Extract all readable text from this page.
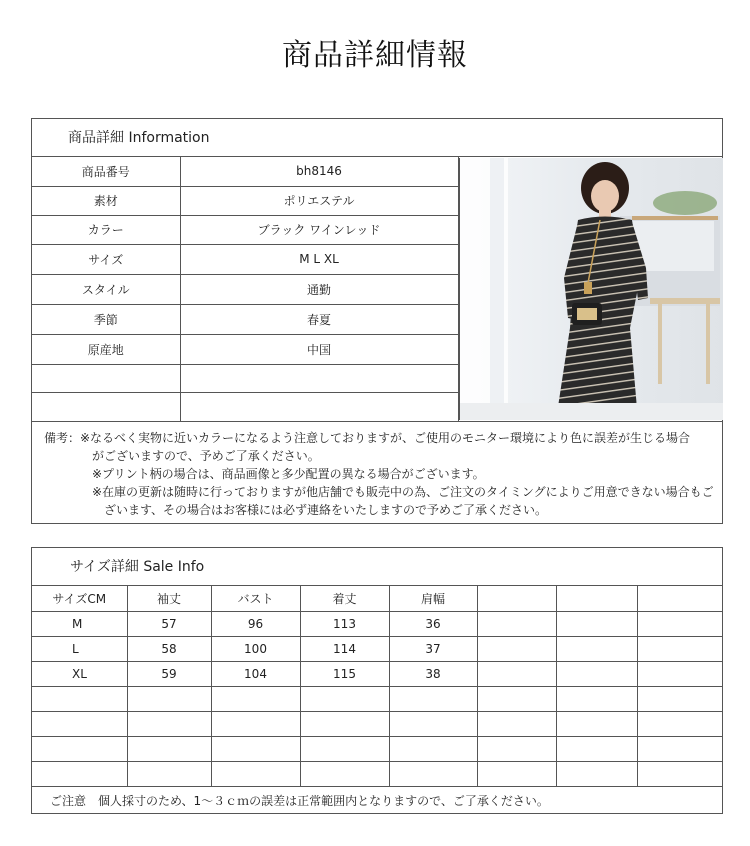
商品詳細情報
商品詳細 Information
商品番号	bh8146
素材	ポリエステル
カラー	ブラック ワインレッド
サイズ	M L XL
スタイル	通勤
季節	春夏
原産地	中国

備考：※なるべく実物に近いカラーになるよう注意しておりますが、ご使用のモニター環境により色に誤差が生じる場合
がございますので、予めご了承ください。
※プリント柄の場合は、商品画像と多少配置の異なる場合がございます。
※在庫の更新は随時に行っておりますが他店舗でも販売中の為、ご注文のタイミングによりご用意できない場合もご
ざいます、その場合はお客様には必ず連絡をいたしますので予めご了承ください。
サイズ詳細 Sale Info
サイズCM	袖丈	バスト	着丈	肩幅			
M	57	96	113	36			
L	58	100	114	37			
XL	59	104	115	38			

ご注意　個人採寸のため、1～３ｃｍの誤差は正常範囲内となりますので、ご了承ください。
